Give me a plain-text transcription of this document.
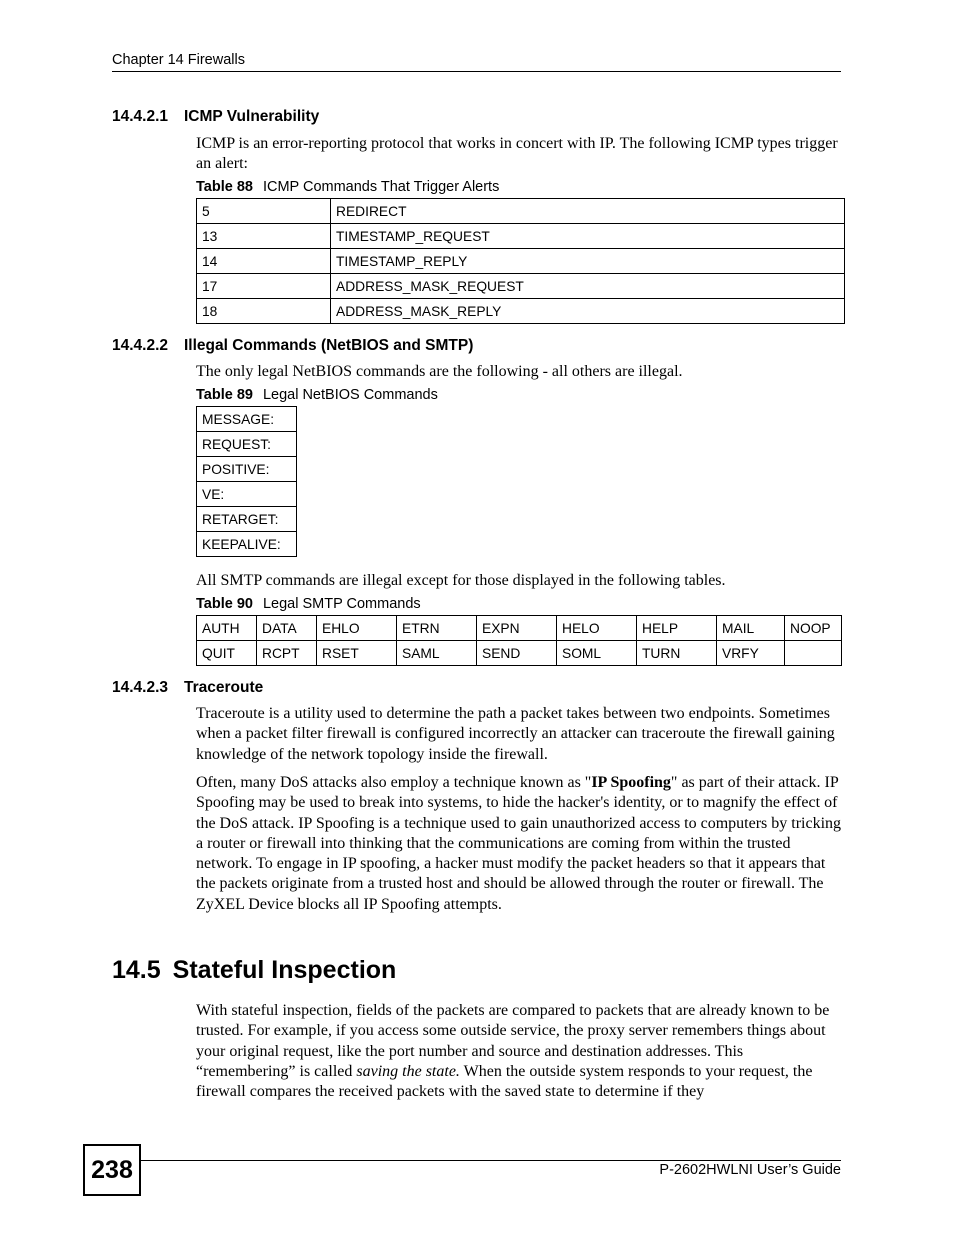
Chapter 14 Firewalls
14.4.2.1 ICMP Vulnerability
ICMP is an error-reporting protocol that works in concert with IP. The following ICMP types trigger an alert:
Table 88 ICMP Commands That Trigger Alerts
5	REDIRECT
13	TIMESTAMP_REQUEST
14	TIMESTAMP_REPLY
17	ADDRESS_MASK_REQUEST
18	ADDRESS_MASK_REPLY
14.4.2.2 Illegal Commands (NetBIOS and SMTP)
The only legal NetBIOS commands are the following - all others are illegal.
Table 89 Legal NetBIOS Commands
MESSAGE:
REQUEST:
POSITIVE:
VE:
RETARGET:
KEEPALIVE:
All SMTP commands are illegal except for those displayed in the following tables.
Table 90 Legal SMTP Commands
AUTH	DATA	EHLO	ETRN	EXPN	HELO	HELP	MAIL	NOOP
QUIT	RCPT	RSET	SAML	SEND	SOML	TURN	VRFY	
14.4.2.3 Traceroute
Traceroute is a utility used to determine the path a packet takes between two endpoints. Sometimes when a packet filter firewall is configured incorrectly an attacker can traceroute the firewall gaining knowledge of the network topology inside the firewall.
Often, many DoS attacks also employ a technique known as "IP Spoofing" as part of their attack. IP Spoofing may be used to break into systems, to hide the hacker's identity, or to magnify the effect of the DoS attack. IP Spoofing is a technique used to gain unauthorized access to computers by tricking a router or firewall into thinking that the communications are coming from within the trusted network. To engage in IP spoofing, a hacker must modify the packet headers so that it appears that the packets originate from a trusted host and should be allowed through the router or firewall. The ZyXEL Device blocks all IP Spoofing attempts.
14.5 Stateful Inspection
With stateful inspection, fields of the packets are compared to packets that are already known to be trusted. For example, if you access some outside service, the proxy server remembers things about your original request, like the port number and source and destination addresses. This “remembering” is called saving the state. When the outside system responds to your request, the firewall compares the received packets with the saved state to determine if they
238	P-2602HWLNI User’s Guide
